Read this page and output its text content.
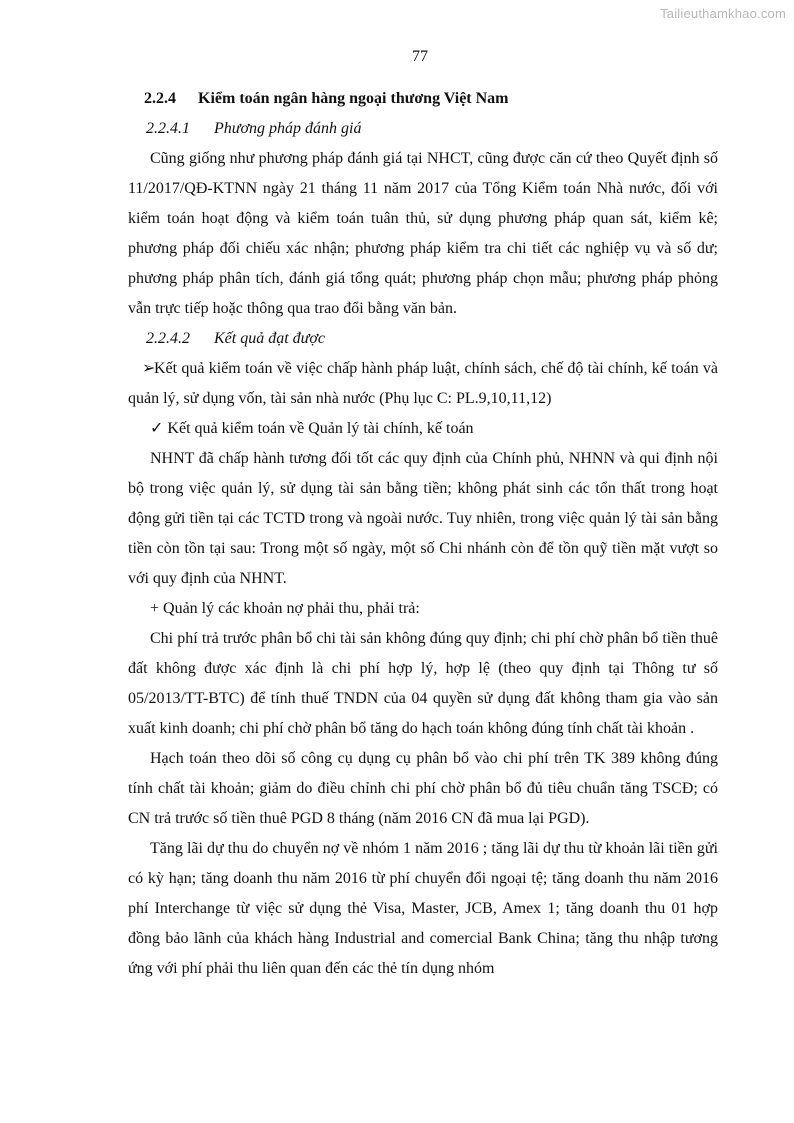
Tailieuthamkhao.com
77
2.2.4 Kiểm toán ngân hàng ngoại thương Việt Nam
2.2.4.1 Phương pháp đánh giá

Cũng giống như phương pháp đánh giá tại NHCT, cũng được căn cứ theo Quyết định số 11/2017/QĐ-KTNN ngày 21 tháng 11 năm 2017 của Tổng Kiểm toán Nhà nước, đối với kiểm toán hoạt động và kiểm toán tuân thủ, sử dụng phương pháp quan sát, kiểm kê; phương pháp đối chiếu xác nhận; phương pháp kiểm tra chi tiết các nghiệp vụ và số dư; phương pháp phân tích, đánh giá tổng quát; phương pháp chọn mẫu; phương pháp phỏng vẫn trực tiếp hoặc thông qua trao đổi bằng văn bản.

2.2.4.2 Kết quả đạt được

➢Kết quả kiểm toán về việc chấp hành pháp luật, chính sách, chế độ tài chính, kế toán và quản lý, sử dụng vốn, tài sản nhà nước (Phụ lục C: PL.9,10,11,12)

✓ Kết quả kiểm toán về Quản lý tài chính, kế toán

NHNT đã chấp hành tương đối tốt các quy định của Chính phủ, NHNN và qui định nội bộ trong việc quản lý, sử dụng tài sản bằng tiền; không phát sinh các tổn thất trong hoạt động gửi tiền tại các TCTD trong và ngoài nước. Tuy nhiên, trong việc quản lý tài sản bằng tiền còn tồn tại sau: Trong một số ngày, một số Chi nhánh còn để tồn quỹ tiền mặt vượt so với quy định của NHNT.

+ Quản lý các khoản nợ phải thu, phải trả:

Chi phí trả trước phân bổ chi tài sản không đúng quy định; chi phí chờ phân bổ tiền thuê đất không được xác định là chi phí hợp lý, hợp lệ (theo quy định tại Thông tư số 05/2013/TT-BTC) để tính thuế TNDN của 04 quyền sử dụng đất không tham gia vào sản xuất kinh doanh; chi phí chờ phân bổ tăng do hạch toán không đúng tính chất tài khoản .

Hạch toán theo dõi số công cụ dụng cụ phân bổ vào chi phí trên TK 389 không đúng tính chất tài khoản; giảm do điều chỉnh chi phí chờ phân bổ đủ tiêu chuẩn tăng TSCĐ; có CN trả trước số tiền thuê PGD 8 tháng (năm 2016 CN đã mua lại PGD).

Tăng lãi dự thu do chuyển nợ về nhóm 1 năm 2016 ; tăng lãi dự thu từ khoản lãi tiền gửi có kỳ hạn; tăng doanh thu năm 2016 từ phí chuyển đổi ngoại tệ; tăng doanh thu năm 2016 phí Interchange từ việc sử dụng thẻ Visa, Master, JCB, Amex 1; tăng doanh thu 01 hợp đồng bảo lãnh của khách hàng Industrial and comercial Bank China; tăng thu nhập tương ứng với phí phải thu liên quan đến các thẻ tín dụng nhóm
